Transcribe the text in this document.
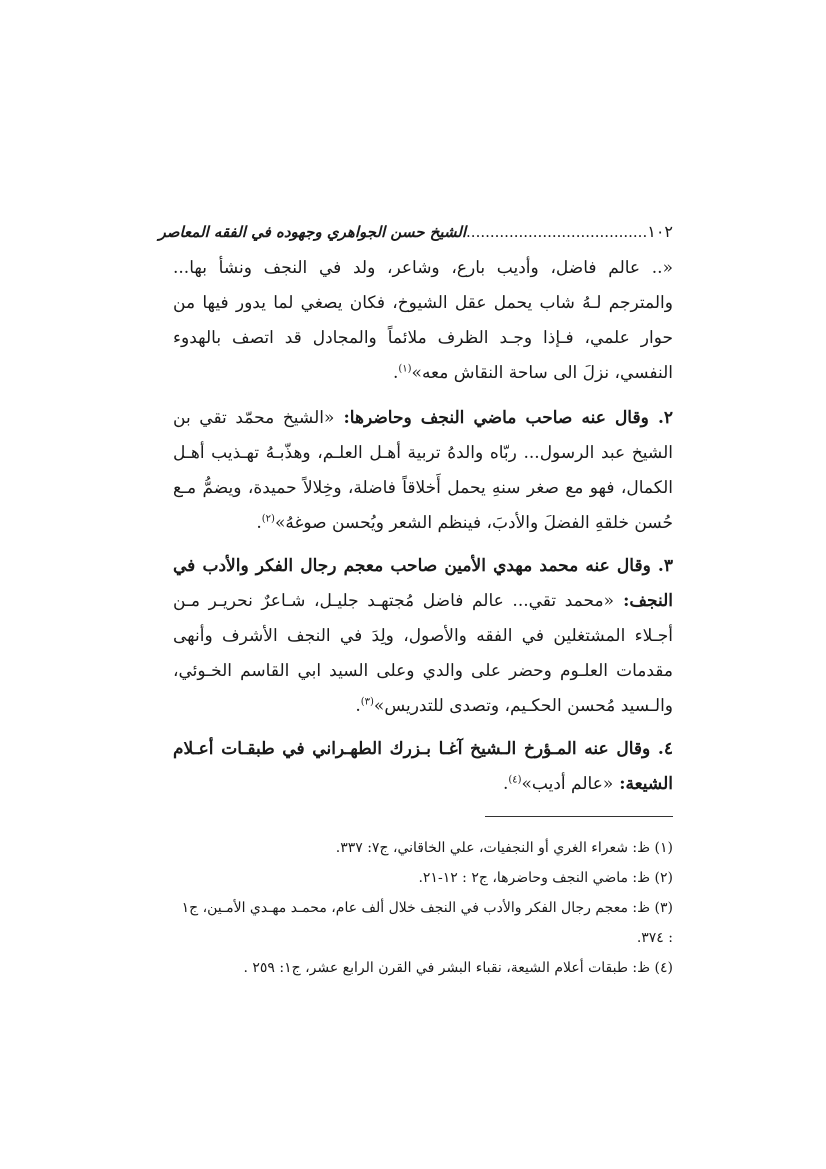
١٠٢
......................................الشيخ حسن الجواهري وجهوده في الفقه المعاصر

«.. عالم فاضل، وأديب بارع، وشاعر، ولد في النجف ونشأ بها... والمترجم لـهُ شاب يحمل عقل الشيوخ، فكان يصغي لما يدور فيها من حوار علمي، فـإذا وجـد الظرف ملائماً والمجادل قد اتصف بالهدوء النفسي، نزلَ الى ساحة النقاش معه»$^{(١)}$.

٢. وقال عنه صاحب ماضي النجف وحاضرها: «الشيخ محمّد تقي بن الشيخ عبد الرسول... ربّاه والدهُ تربية أهـل العلـم، وهذّبـهُ تهـذيب أهـل الكمال، فهو مع صغر سنهِ يحمل أَخلاقاً فاضلة، وخِلالاً حميدة، ويضمُّ مـع حُسن خلقهِ الفضلَ والأدبَ، فينظم الشعر ويُحسن صوغهُ»$^{(٢)}$.

٣. وقال عنه محمد مهدي الأمين صاحب معجم رجال الفكر والأدب في النجف: «محمد تقي... عالم فاضل مُجتهـد جليـل، شـاعرٌ نحريـر مـن أجـلاء المشتغلين في الفقه والأصول، ولِدَ في النجف الأشرف وأنهى مقدمات العلـوم وحضر على والدي وعلى السيد ابي القاسم الخـوئي، والـسيد مُحسن الحكـيم، وتصدى للتدريس»$^{(٣)}$.

٤. وقال عنه المـؤرخ الـشيخ آغـا بـزرك الطهـراني في طبقـات أعـلام الشيعة: «عالم أديب»$^{(٤)}$.

(١) ظ: شعراء الغري أو النجفيات، علي الخاقاني، ج٧: ٣٣٧.

(٢) ظ: ماضي النجف وحاضرها، ج٢ : ١٢-٢١.

(٣) ظ: معجم رجال الفكر والأدب في النجف خلال ألف عام، محمـد مهـدي الأمـين، ج١ : ٣٧٤.

(٤) ظ: طبقات أعلام الشيعة، نقباء البشر في القرن الرابع عشر، ج١: ٢٥٩ .
